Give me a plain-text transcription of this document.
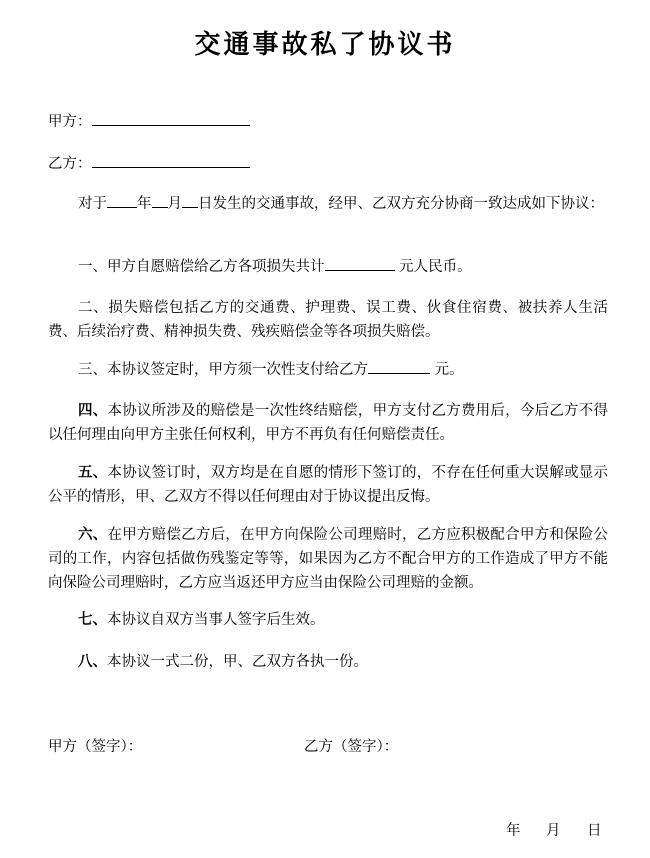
交通事故私了协议书
甲方：
乙方：

对于 年 月 日发生的交通事故，经甲、乙双方充分协商一致达成如下协议：

一、甲方自愿赔偿给乙方各项损失共计	元人民币。

二、损失赔偿包括乙方的交通费、护理费、误工费、伙食住宿费、被扶养人生活费、后续治疗费、精神损失费、残疾赔偿金等各项损失赔偿。

三、本协议签定时，甲方须一次性支付给乙方	元。

四、本协议所涉及的赔偿是一次性终结赔偿，甲方支付乙方费用后，今后乙方不得以任何理由向甲方主张任何权利，甲方不再负有任何赔偿责任。

五、本协议签订时，双方均是在自愿的情形下签订的，不存在任何重大误解或显示公平的情形，甲、乙双方不得以任何理由对于协议提出反悔。

六、在甲方赔偿乙方后，在甲方向保险公司理赔时，乙方应积极配合甲方和保险公司的工作，内容包括做伤残鉴定等等，如果因为乙方不配合甲方的工作造成了甲方不能向保险公司理赔时，乙方应当返还甲方应当由保险公司理赔的金额。

七、本协议自双方当事人签字后生效。

八、本协议一式二份，甲、乙双方各执一份。

甲方（签字）：	乙方（签字）：
年 月 日
